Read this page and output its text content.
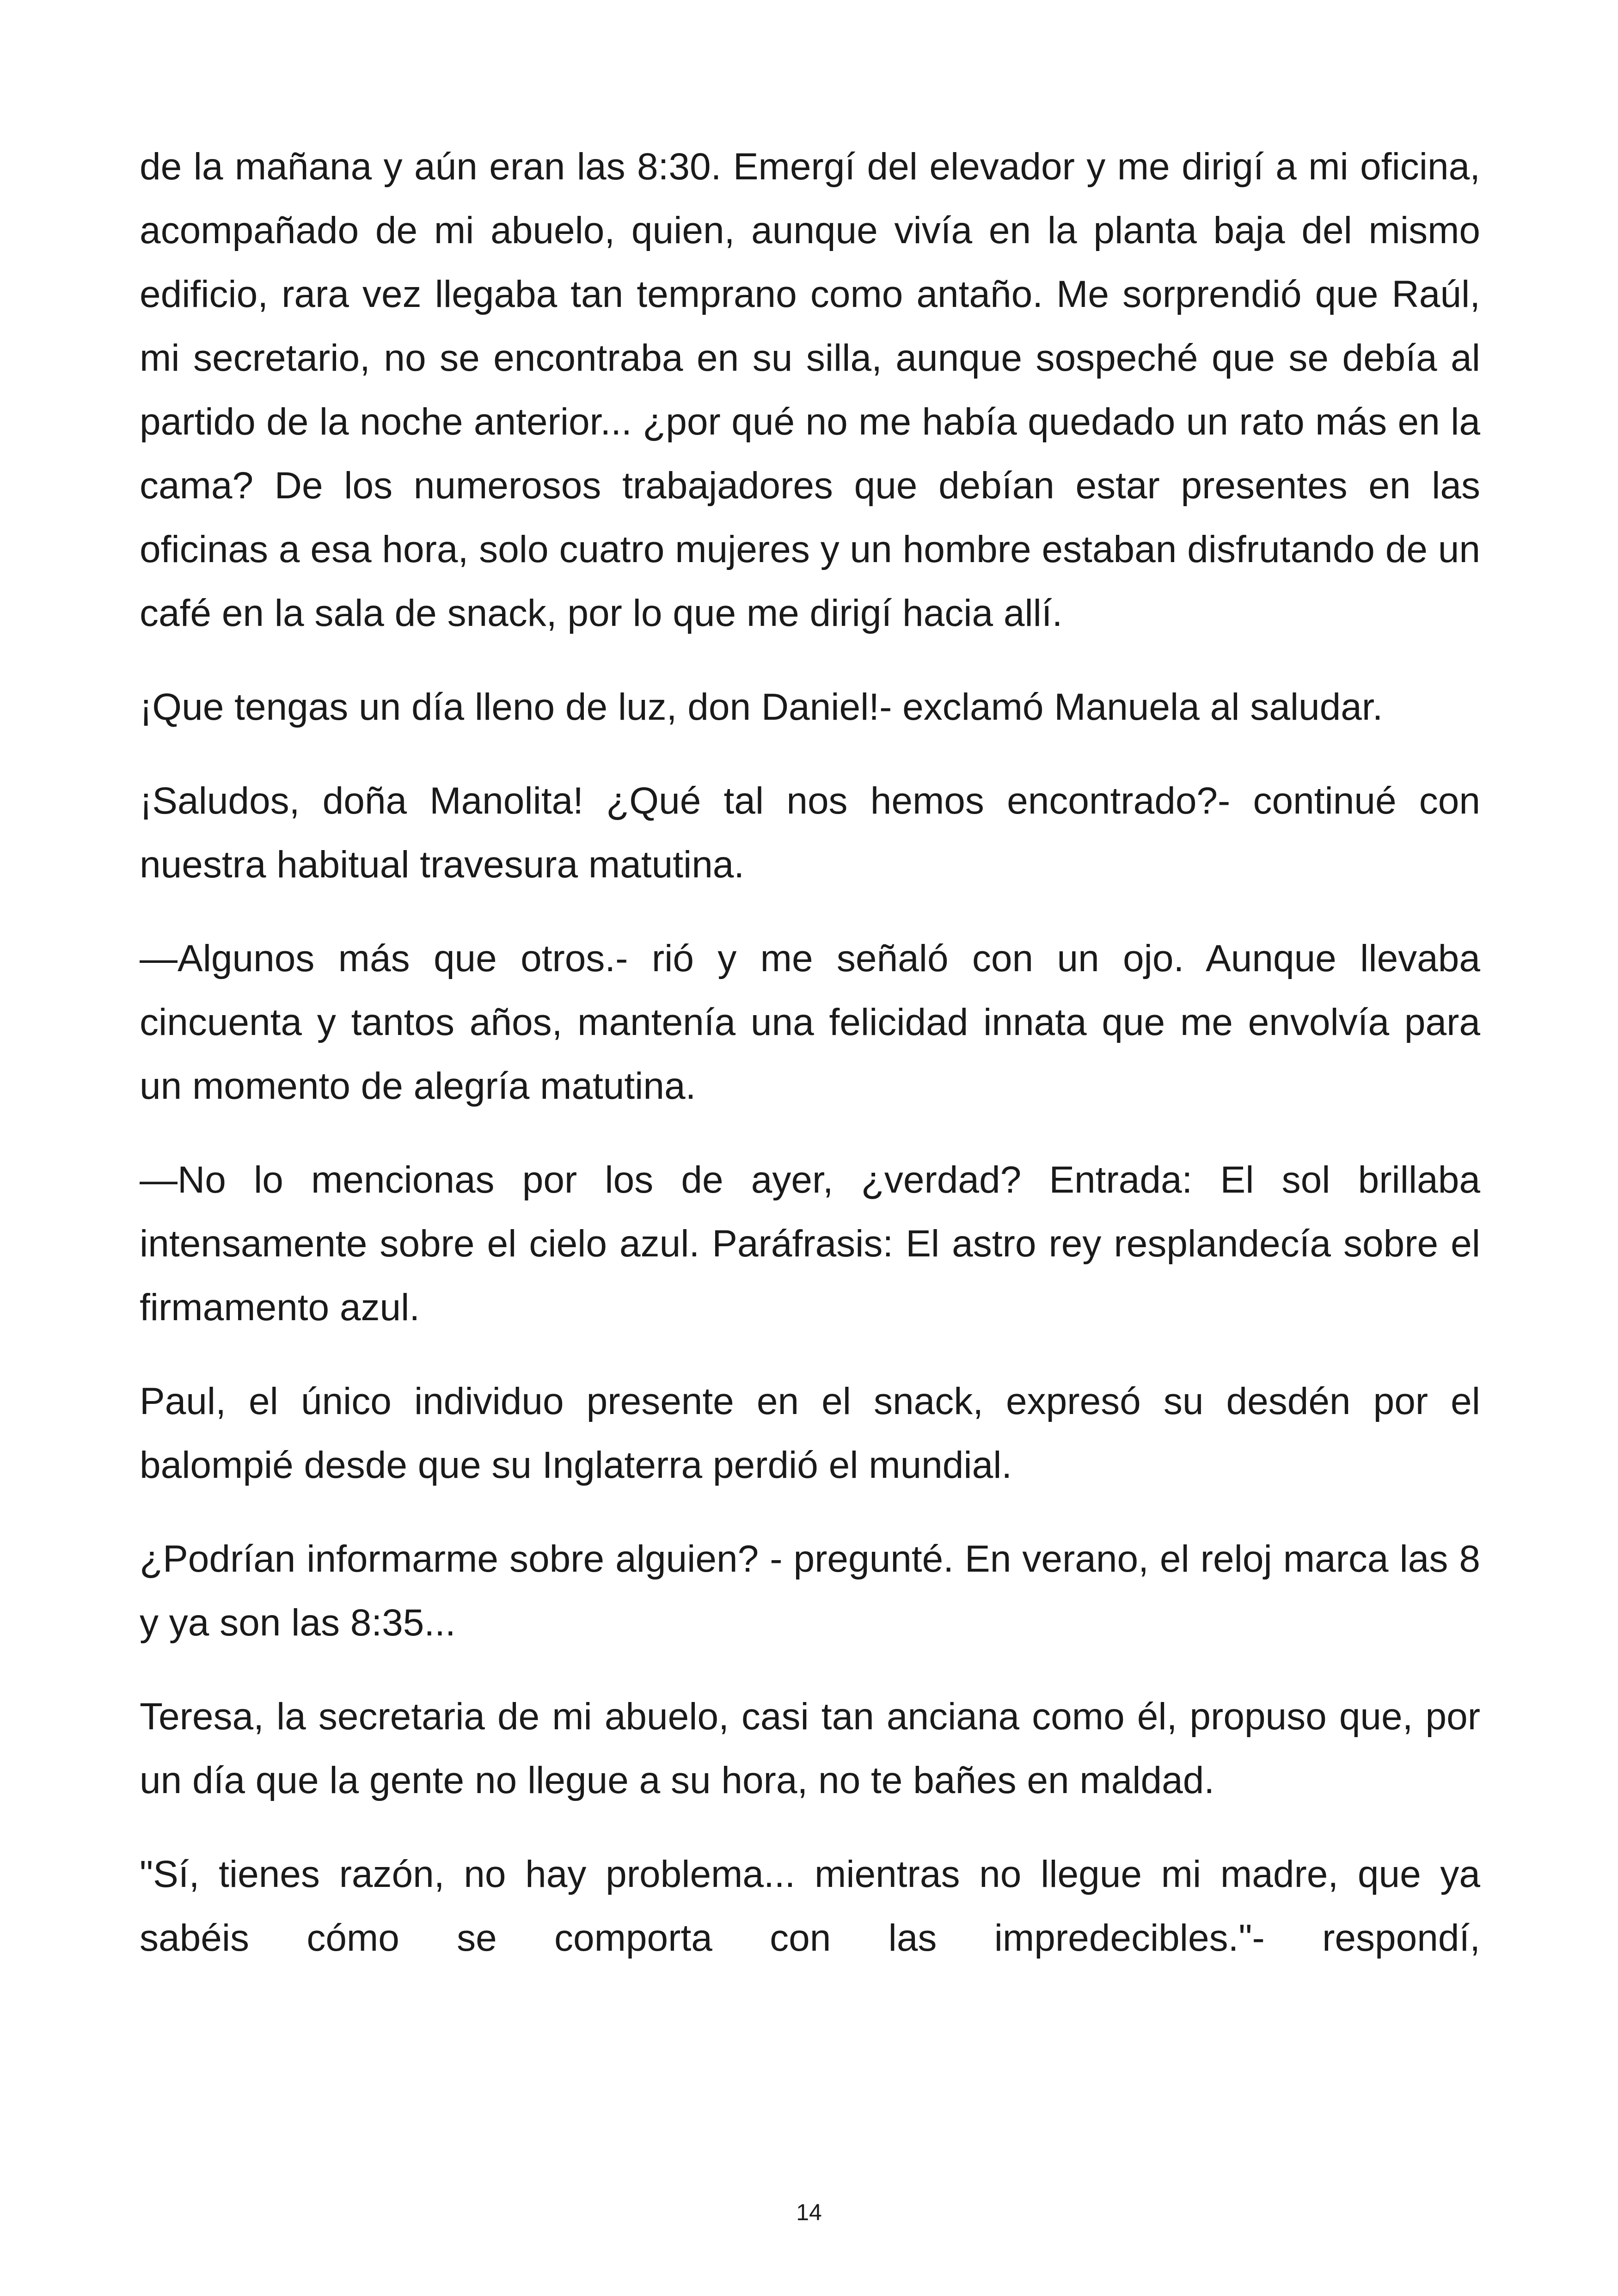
de la mañana y aún eran las 8:30. Emergí del elevador y me dirigí a mi oficina, acompañado de mi abuelo, quien, aunque vivía en la planta baja del mismo edificio, rara vez llegaba tan temprano como antaño. Me sorprendió que Raúl, mi secretario, no se encontraba en su silla, aunque sospeché que se debía al partido de la noche anterior... ¿por qué no me había quedado un rato más en la cama? De los numerosos trabajadores que debían estar presentes en las oficinas a esa hora, solo cuatro mujeres y un hombre estaban disfrutando de un café en la sala de snack, por lo que me dirigí hacia allí.

¡Que tengas un día lleno de luz, don Daniel!- exclamó Manuela al saludar.

¡Saludos, doña Manolita! ¿Qué tal nos hemos encontrado?- continué con nuestra habitual travesura matutina.

—Algunos más que otros.- rió y me señaló con un ojo. Aunque llevaba cincuenta y tantos años, mantenía una felicidad innata que me envolvía para un momento de alegría matutina.

—No lo mencionas por los de ayer, ¿verdad? Entrada: El sol brillaba intensamente sobre el cielo azul. Paráfrasis: El astro rey resplandecía sobre el firmamento azul.

Paul, el único individuo presente en el snack, expresó su desdén por el balompié desde que su Inglaterra perdió el mundial.

¿Podrían informarme sobre alguien? - pregunté. En verano, el reloj marca las 8 y ya son las 8:35...

Teresa, la secretaria de mi abuelo, casi tan anciana como él, propuso que, por un día que la gente no llegue a su hora, no te bañes en maldad.

"Sí, tienes razón, no hay problema... mientras no llegue mi madre, que ya sabéis cómo se comporta con las impredecibles."- respondí,

14
